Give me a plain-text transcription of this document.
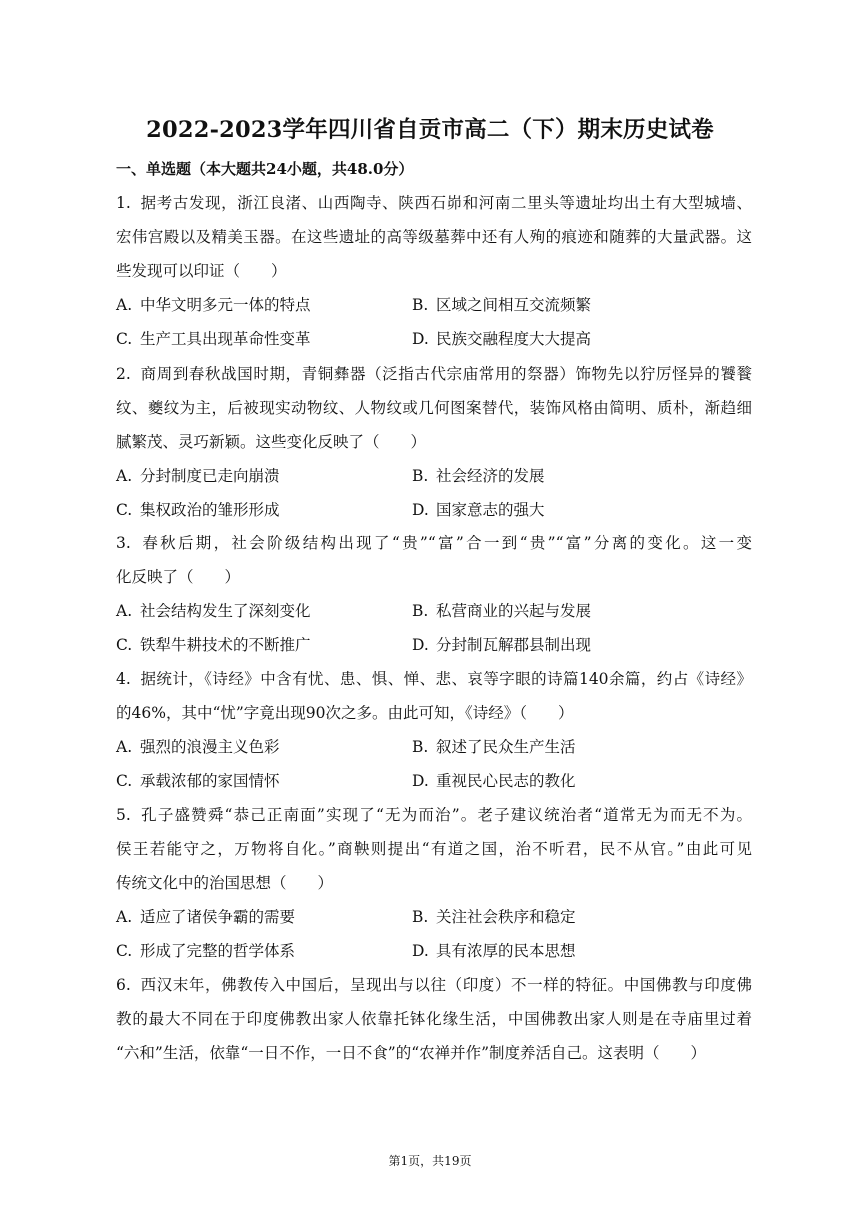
2022-2023学年四川省自贡市高二（下）期末历史试卷
一、单选题（本大题共24小题，共48.0分）
1. 据考古发现，浙江良渚、山西陶寺、陕西石峁和河南二里头等遗址均出土有大型城墙、
宏伟宫殿以及精美玉器。在这些遗址的高等级墓葬中还有人殉的痕迹和随葬的大量武器。这
些发现可以印证（　　）
A. 中华文明多元一体的特点	B. 区域之间相互交流频繁
C. 生产工具出现革命性变革	D. 民族交融程度大大提高
2. 商周到春秋战国时期，青铜彝器（泛指古代宗庙常用的祭器）饰物先以狞厉怪异的饕餮
纹、夔纹为主，后被现实动物纹、人物纹或几何图案替代，装饰风格由简明、质朴，渐趋细
腻繁茂、灵巧新颖。这些变化反映了（　　）
A. 分封制度已走向崩溃	B. 社会经济的发展
C. 集权政治的雏形形成	D. 国家意志的强大
3. 春秋后期，社会阶级结构出现了“贵”“富”合一到“贵”“富”分离的变化。这一变
化反映了（　　）
A. 社会结构发生了深刻变化	B. 私营商业的兴起与发展
C. 铁犁牛耕技术的不断推广	D. 分封制瓦解郡县制出现
4. 据统计，《诗经》中含有忧、患、惧、惮、悲、哀等字眼的诗篇140余篇，约占《诗经》
的46%，其中“忧”字竟出现90次之多。由此可知，《诗经》（　　）
A. 强烈的浪漫主义色彩	B. 叙述了民众生产生活
C. 承载浓郁的家国情怀	D. 重视民心民志的教化
5. 孔子盛赞舜“恭己正南面”实现了“无为而治”。老子建议统治者“道常无为而无不为。
侯王若能守之，万物将自化。”商鞅则提出“有道之国，治不听君，民不从官。”由此可见
传统文化中的治国思想（　　）
A. 适应了诸侯争霸的需要	B. 关注社会秩序和稳定
C. 形成了完整的哲学体系	D. 具有浓厚的民本思想
6. 西汉末年，佛教传入中国后，呈现出与以往（印度）不一样的特征。中国佛教与印度佛
教的最大不同在于印度佛教出家人依靠托钵化缘生活，中国佛教出家人则是在寺庙里过着
“六和”生活，依靠“一日不作，一日不食”的“农禅并作”制度养活自己。这表明（　　）
第1页，共19页
